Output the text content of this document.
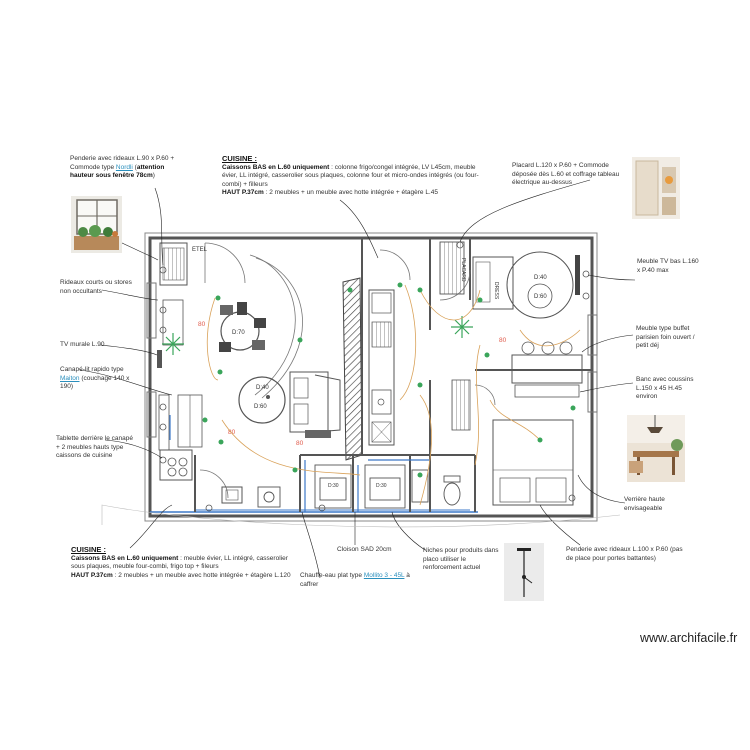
ETEL
D:70
D:40
D:60
D:30	D:30
PLACARD
DRESS
D:40
D:60
80
80
80
80
Penderie avec rideaux L.90 x P.60 + Commode type Nordli (attention hauteur sous fenêtre 78cm)
CUISINE :
Caissons BAS en L.60 uniquement : colonne frigo/congel intégrée, LV L45cm, meuble évier, LL intégré, casserolier sous plaques, colonne four et micro-ondes intégrés (ou four-combi) + filleurs
HAUT P.37cm : 2 meubles + un meuble avec hotte intégrée + étagère L.45
Placard L.120 x P.60 + Commode déposée dès L.60 et coffrage tableau électrique au-dessus
Meuble TV bas L.160 x P.40 max
Meuble type buffet parisien foin ouvert / petit déj
Banc avec coussins L.150 x 45 H.45 environ
Rideaux courts ou stores non occultants
TV murale L.90
Canapé-lit rapido type Maiton (couchage 140 x 190)
Tablette derrière le canapé + 2 meubles hauts type caissons de cuisine
Verrière haute envisageable
CUISINE :
Caissons BAS en L.60 uniquement : meuble évier, LL intégré, casserolier sous plaques, meuble four-combi, frigo top + fileurs
HAUT P.37cm : 2 meubles + un meuble avec hotte intégrée + étagère L.120
Cloison SAD 20cm
Chauffe-eau plat type Mollito 3 - 45L à caffrer
Niches pour produits dans placo utiliser le renforcement actuel
Penderie avec rideaux L.100 x P.60 (pas de place pour portes battantes)
www.archifacile.fr
